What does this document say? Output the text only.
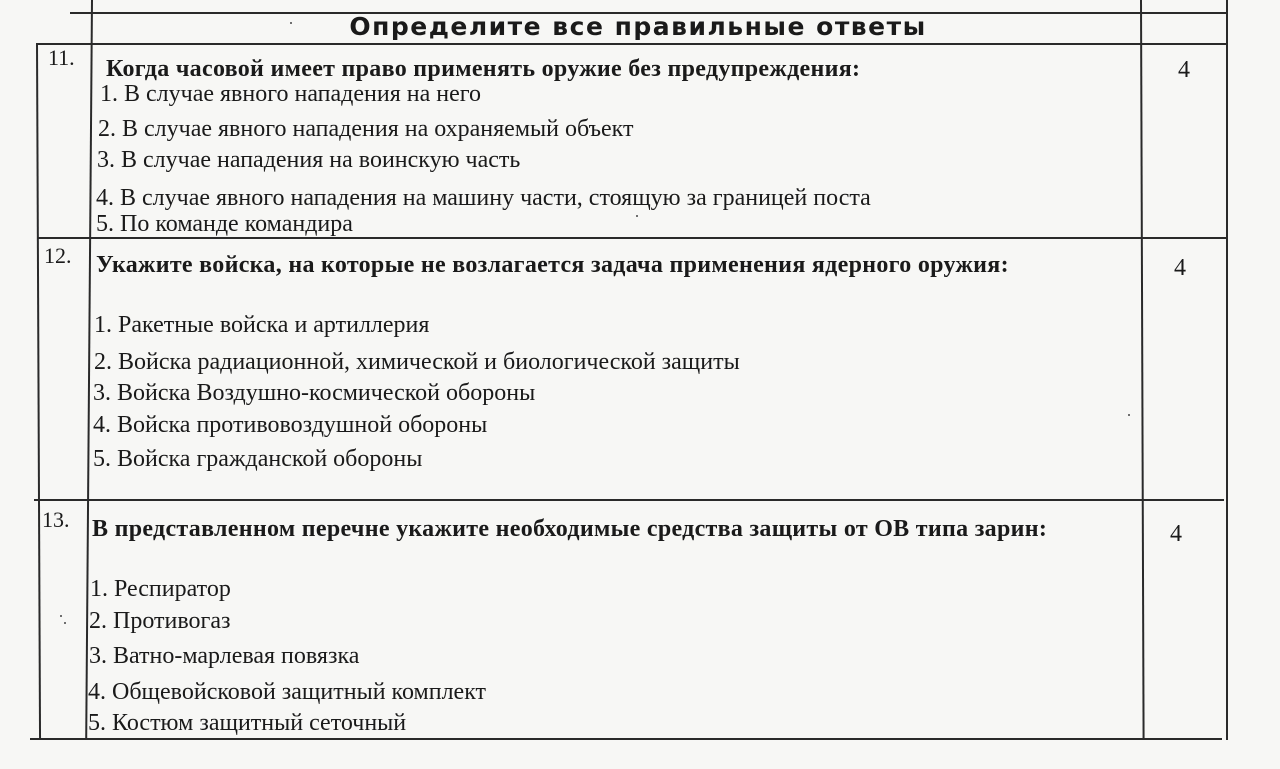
Определите все правильные ответы
11. Когда часовой имеет право применять оружие без предупреждения:
1. В случае явного нападения на него
2. В случае явного нападения на охраняемый объект
3. В случае нападения на воинскую часть
4. В случае явного нападения на машину части, стоящую за границей поста
5. По команде командира
4
12. Укажите войска, на которые не возлагается задача применения ядерного оружия:
1. Ракетные войска и артиллерия
2. Войска радиационной, химической и биологической защиты
3. Войска Воздушно-космической обороны
4. Войска противовоздушной обороны
5. Войска гражданской обороны
4
13. В представленном перечне укажите необходимые средства защиты от ОВ типа зарин:
1. Респиратор
2. Противогаз
3. Ватно-марлевая повязка
4. Общевойсковой защитный комплект
5. Костюм защитный сеточный
4
